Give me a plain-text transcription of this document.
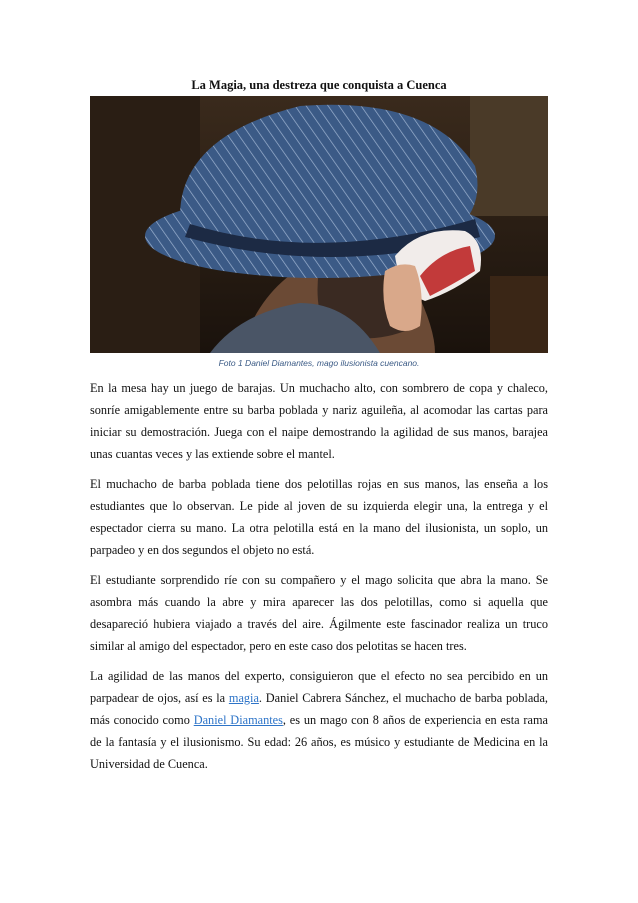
La Magia, una destreza que conquista a Cuenca

Foto 1 Daniel Diamantes, mago ilusionista cuencano.

En la mesa hay un juego de barajas. Un muchacho alto, con sombrero de copa y chaleco, sonríe amigablemente entre su barba poblada y nariz aguileña, al acomodar las cartas para iniciar su demostración. Juega con el naipe demostrando la agilidad de sus manos, barajea unas cuantas veces y las extiende sobre el mantel.

El muchacho de barba poblada tiene dos pelotillas rojas en sus manos, las enseña a los estudiantes que lo observan. Le pide al joven de su izquierda elegir una, la entrega y el espectador cierra su mano. La otra pelotilla está en la mano del ilusionista, un soplo, un parpadeo y en dos segundos el objeto no está.

El estudiante sorprendido ríe con su compañero y el mago solicita que abra la mano. Se asombra más cuando la abre y mira aparecer las dos pelotillas, como si aquella que desapareció hubiera viajado a través del aire. Ágilmente este fascinador realiza un truco similar al amigo del espectador, pero en este caso dos pelotitas se hacen tres.

La agilidad de las manos del experto, consiguieron que el efecto no sea percibido en un parpadear de ojos, así es la magia. Daniel Cabrera Sánchez, el muchacho de barba poblada, más conocido como Daniel Diamantes, es un mago con 8 años de experiencia en esta rama de la fantasía y el ilusionismo. Su edad: 26 años, es músico y estudiante de Medicina en la Universidad de Cuenca.
